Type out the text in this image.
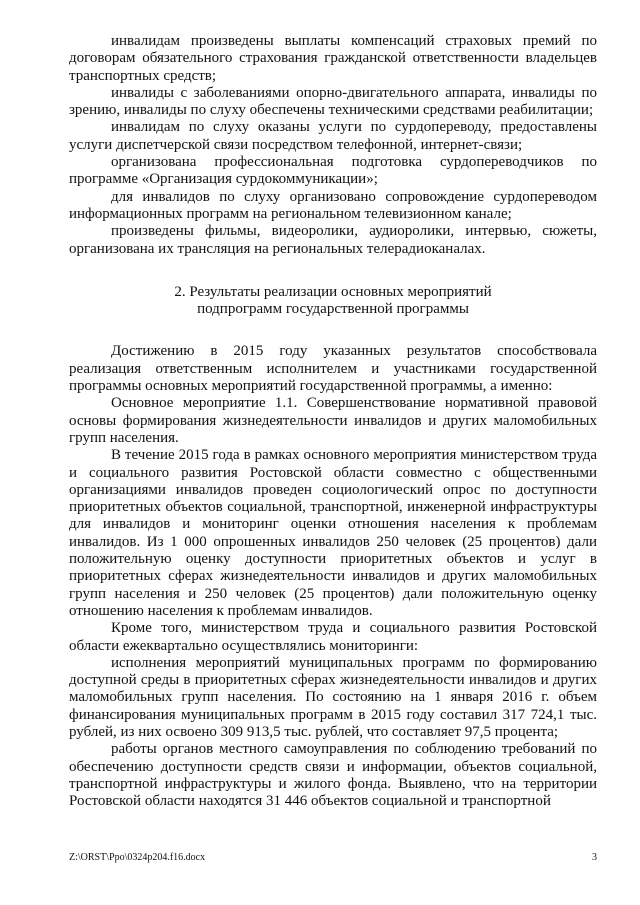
инвалидам произведены выплаты компенсаций страховых премий по договорам обязательного страхования гражданской ответственности владельцев транспортных средств;

инвалиды с заболеваниями опорно-двигательного аппарата, инвалиды по зрению, инвалиды по слуху обеспечены техническими средствами реабилитации;

инвалидам по слуху оказаны услуги по сурдопереводу, предоставлены услуги диспетчерской связи посредством телефонной, интернет-связи;

организована профессиональная подготовка сурдопереводчиков по программе «Организация сурдокоммуникации»;

для инвалидов по слуху организовано сопровождение сурдопереводом информационных программ на региональном телевизионном канале;

произведены фильмы, видеоролики, аудиоролики, интервью, сюжеты, организована их трансляция на региональных телерадиоканалах.

2. Результаты реализации основных мероприятий
подпрограмм государственной программы

Достижению в 2015 году указанных результатов способствовала реализация ответственным исполнителем и участниками государственной программы основных мероприятий государственной программы, а именно:

Основное мероприятие 1.1. Совершенствование нормативной правовой основы формирования жизнедеятельности инвалидов и других маломобильных групп населения.

В течение 2015 года в рамках основного мероприятия министерством труда и социального развития Ростовской области совместно с общественными организациями инвалидов проведен социологический опрос по доступности приоритетных объектов социальной, транспортной, инженерной инфраструктуры для инвалидов и мониторинг оценки отношения населения к проблемам инвалидов. Из 1 000 опрошенных инвалидов 250 человек (25 процентов) дали положительную оценку доступности приоритетных объектов и услуг в приоритетных сферах жизнедеятельности инвалидов и других маломобильных групп населения и 250 человек (25 процентов) дали положительную оценку отношению населения к проблемам инвалидов.

Кроме того, министерством труда и социального развития Ростовской области ежеквартально осуществлялись мониторинги:

исполнения мероприятий муниципальных программ по формированию доступной среды в приоритетных сферах жизнедеятельности инвалидов и других маломобильных групп населения. По состоянию на 1 января 2016 г. объем финансирования муниципальных программ в 2015 году составил 317 724,1 тыс. рублей, из них освоено 309 913,5 тыс. рублей, что составляет 97,5 процента;

работы органов местного самоуправления по соблюдению требований по обеспечению доступности средств связи и информации, объектов социальной, транспортной инфраструктуры и жилого фонда. Выявлено, что на территории Ростовской области находятся 31 446 объектов социальной и транспортной

Z:\ORST\Ppo\0324p204.f16.docx	3
